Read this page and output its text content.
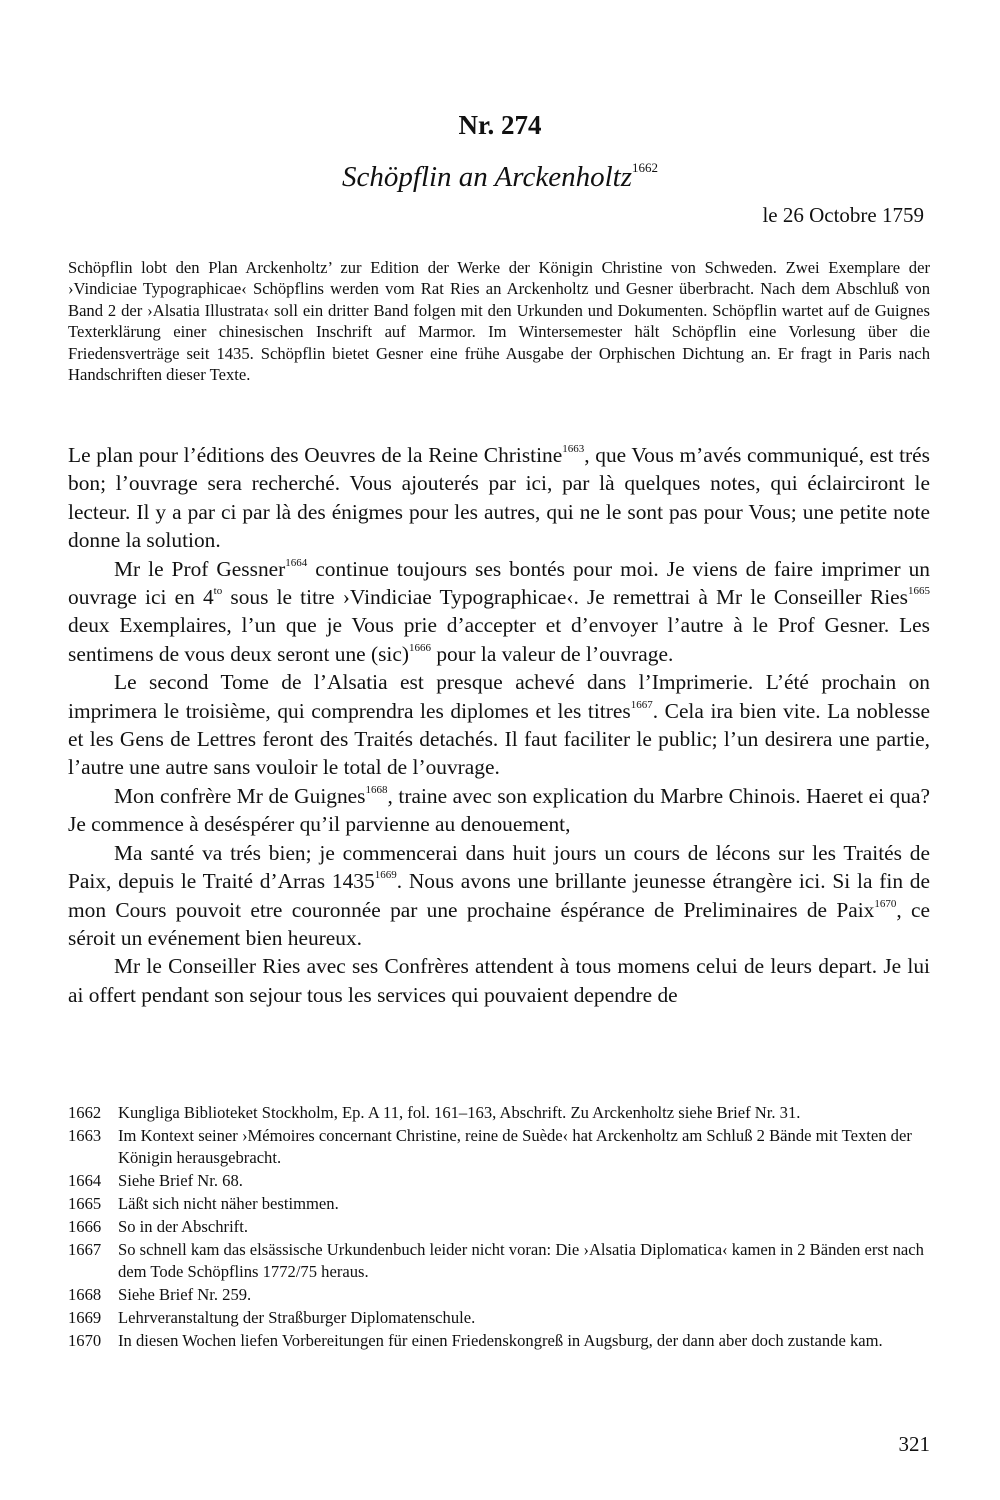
Nr. 274
Schöpflin an Arckenholtz$^{1662}$
le 26 Octobre 1759
Schöpflin lobt den Plan Arckenholtz’ zur Edition der Werke der Königin Christine von Schweden. Zwei Exemplare der ›Vindiciae Typographicae‹ Schöpflins werden vom Rat Ries an Arckenholtz und Gesner überbracht. Nach dem Abschluß von Band 2 der ›Alsatia Illustrata‹ soll ein dritter Band folgen mit den Urkunden und Dokumenten. Schöpflin wartet auf de Guignes Texterklärung einer chinesischen Inschrift auf Marmor. Im Wintersemester hält Schöpflin eine Vorlesung über die Friedensverträge seit 1435. Schöpflin bietet Gesner eine frühe Ausgabe der Orphischen Dichtung an. Er fragt in Paris nach Handschriften dieser Texte.

Le plan pour l’éditions des Oeuvres de la Reine Christine$^{1663}$, que Vous m’avés communiqué, est trés bon; l’ouvrage sera recherché. Vous ajouterés par ici, par là quelques notes, qui éclairciront le lecteur. Il y a par ci par là des énigmes pour les autres, qui ne le sont pas pour Vous; une petite note donne la solution.

Mr le Prof Gessner$^{1664}$ continue toujours ses bontés pour moi. Je viens de faire imprimer un ouvrage ici en $4^{to}$ sous le titre ›Vindiciae Typographicae‹. Je remettrai à Mr le Conseiller Ries$^{1665}$ deux Exemplaires, l’un que je Vous prie d’accepter et d’envoyer l’autre à le Prof Gesner. Les sentimens de vous deux seront une (sic)$^{1666}$ pour la valeur de l’ouvrage.

Le second Tome de l’Alsatia est presque achevé dans l’Imprimerie. L’été prochain on imprimera le troisième, qui comprendra les diplomes et les titres$^{1667}$. Cela ira bien vite. La noblesse et les Gens de Lettres feront des Traités detachés. Il faut faciliter le public; l’un desirera une partie, l’autre une autre sans vouloir le total de l’ouvrage.

Mon confrère Mr de Guignes$^{1668}$, traine avec son explication du Marbre Chinois. Haeret ei qua? Je commence à deséspérer qu’il parvienne au denouement,

Ma santé va trés bien; je commencerai dans huit jours un cours de lécons sur les Traités de Paix, depuis le Traité d’Arras $1435^{1669}$. Nous avons une brillante jeunesse étrangère ici. Si la fin de mon Cours pouvoit etre couronnée par une prochaine éspérance de Preliminaires de Paix$^{1670}$, ce séroit un evénement bien heureux.

Mr le Conseiller Ries avec ses Confrères attendent à tous momens celui de leurs depart. Je lui ai offert pendant son sejour tous les services qui pouvaient dependre de

1662	Kungliga Biblioteket Stockholm, Ep. A 11, fol. 161–163, Abschrift. Zu Arckenholtz siehe Brief Nr. 31.
1663	Im Kontext seiner ›Mémoires concernant Christine, reine de Suède‹ hat Arckenholtz am Schluß 2 Bände mit Texten der Königin herausgebracht.
1664	Siehe Brief Nr. 68.
1665	Läßt sich nicht näher bestimmen.
1666	So in der Abschrift.
1667	So schnell kam das elsässische Urkundenbuch leider nicht voran: Die ›Alsatia Diplomatica‹ kamen in 2 Bänden erst nach dem Tode Schöpflins 1772/75 heraus.
1668	Siehe Brief Nr. 259.
1669	Lehrveranstaltung der Straßburger Diplomatenschule.
1670	In diesen Wochen liefen Vorbereitungen für einen Friedenskongreß in Augsburg, der dann aber doch zustande kam.
321
